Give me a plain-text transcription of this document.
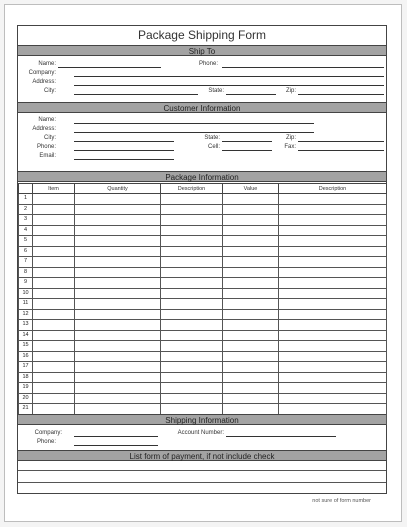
Package Shipping Form
Ship To
Name:	Phone:
Company:
Address:
City:	State:	Zip:
Customer Information
Name:
Address:
City:	State:	Zip:
Phone:	Cell:	Fax:
Email:
Package Information
	Item	Quantity	Description	Value	Description
1					
2					
3					
4					
5					
6					
7					
8					
9					
10					
11					
12					
13					
14					
15					
16					
17					
18					
19					
20					
21					

Shipping Information
Company:	Account Number:
Phone:
List form of payment, if not include check
not sure of form number
